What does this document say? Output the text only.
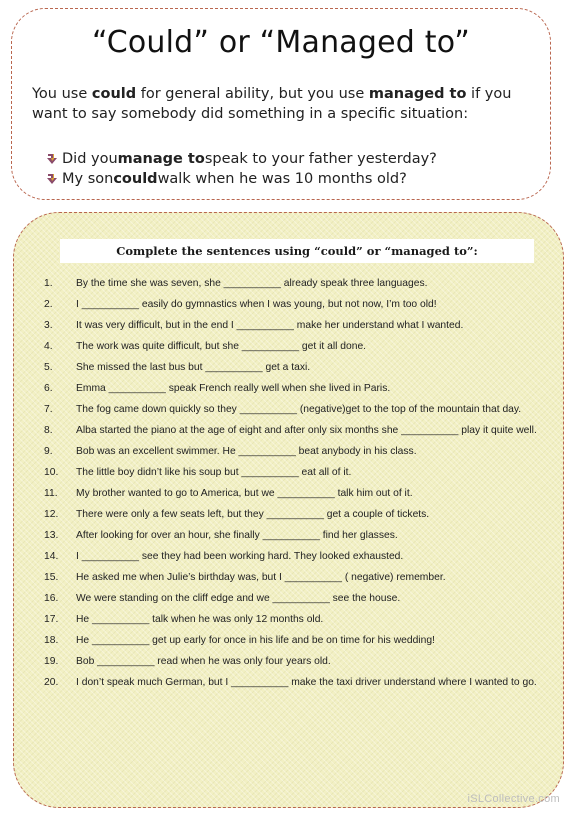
“Could” or “Managed to”
You use could for general ability, but you use managed to if you want to say somebody did something in a specific situation:
Did you manage to speak to your father yesterday?
My son could walk when he was 10 months old?
Complete the sentences using “could” or “managed to”:
1.	By the time she was seven, she __________ already speak three languages.
2.	I __________ easily do gymnastics when I was young, but not now, I’m too old!
3.	It was very difficult, but in the end I __________ make her understand what I wanted.
4.	The work was quite difficult, but she __________ get it all done.
5.	She missed the last bus but __________ get a taxi.
6.	Emma __________ speak French really well when she lived in Paris.
7.	The fog came down quickly so they __________ (negative)get to the top of the mountain that day.
8.	Alba started the piano at the age of eight and after only six months she __________ play it quite well.
9.	Bob was an excellent swimmer. He __________ beat anybody in his class.
10.	The little boy didn’t like his soup but __________ eat all of it.
11.	My brother wanted to go to America, but we __________ talk him out of it.
12.	There were only a few seats left, but they __________ get a couple of tickets.
13.	After looking for over an hour, she finally __________ find her glasses.
14.	I __________ see they had been working hard. They looked exhausted.
15.	He asked me when Julie’s birthday was, but I __________ ( negative) remember.
16.	We were standing on the cliff edge and we __________ see the house.
17.	He __________ talk when he was only 12 months old.
18.	He __________ get up early for once in his life and be on time for his wedding!
19.	Bob __________ read when he was only four years old.
20.	I don’t speak much German, but I __________ make the taxi driver understand where I wanted to go.
iSLCollective.com
